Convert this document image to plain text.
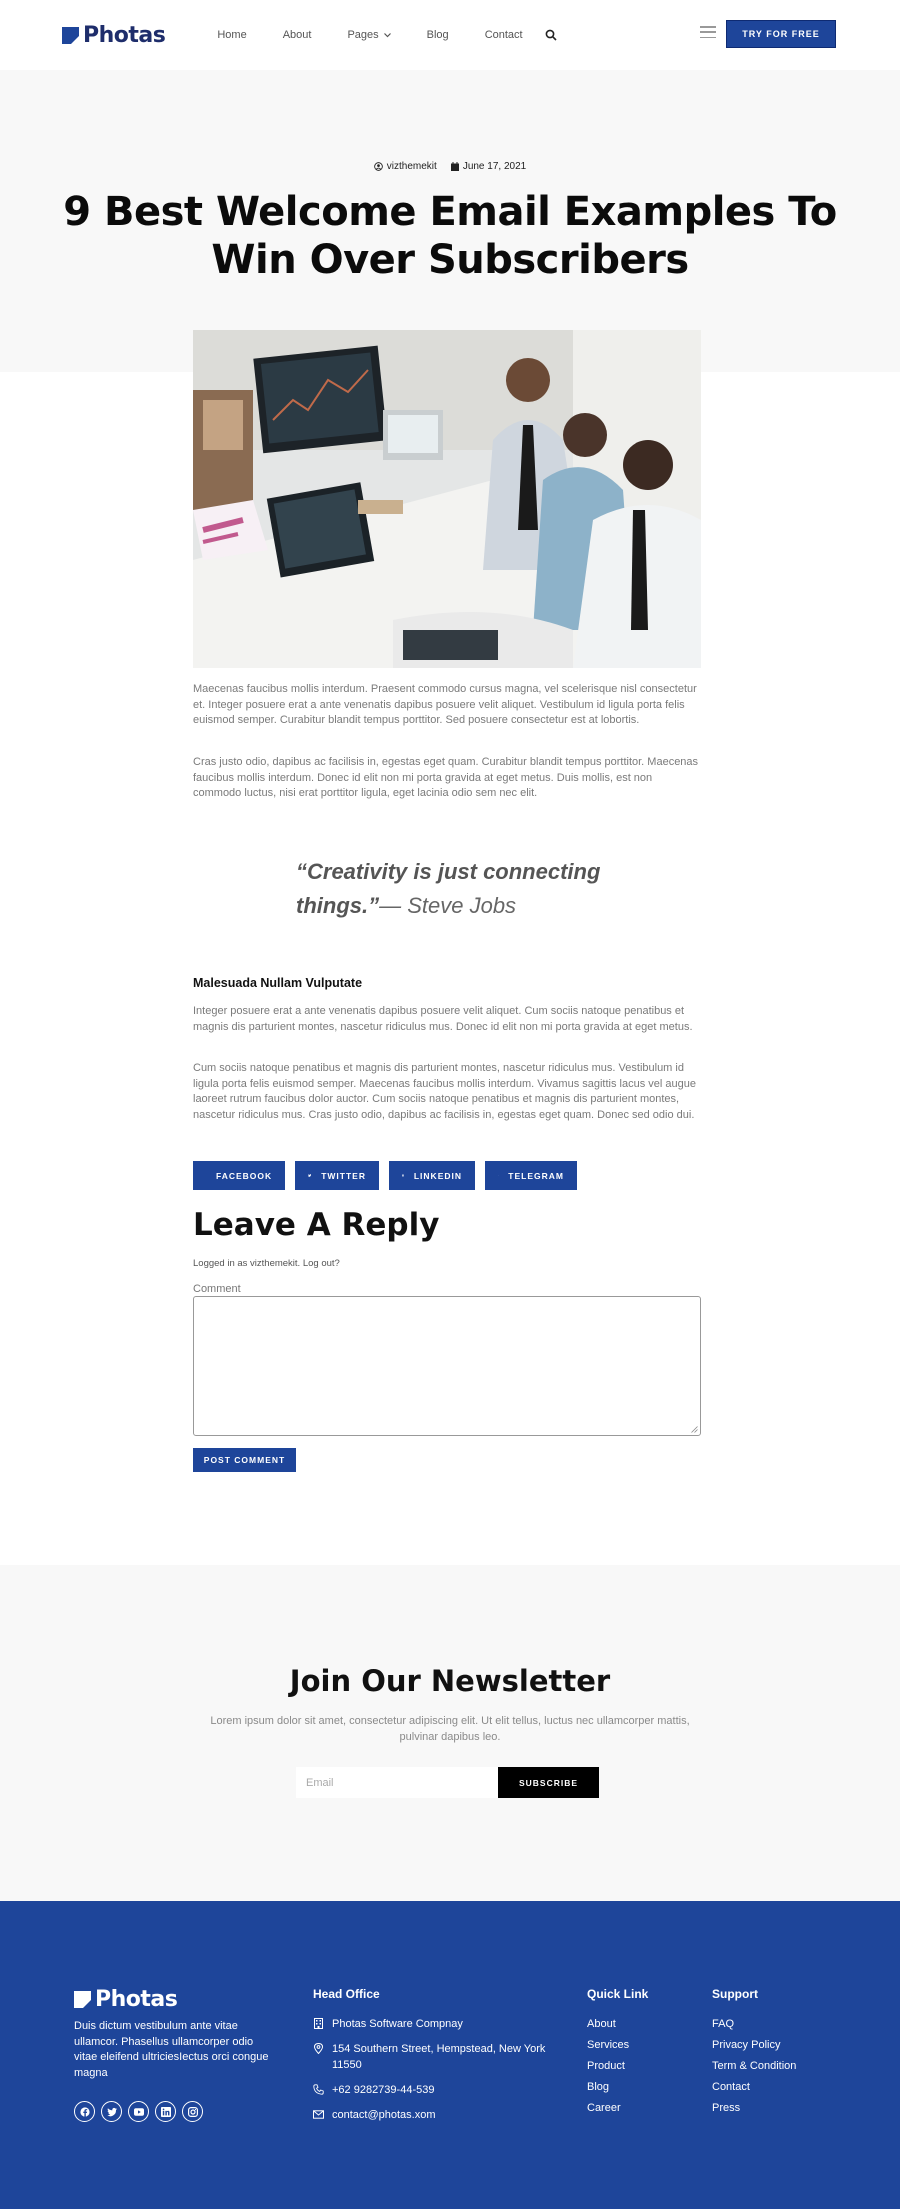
Photas	Home	About	Pages	Blog	Contact	TRY FOR FREE
vizthemekit	June 17, 2021
9 Best Welcome Email Examples To Win Over Subscribers

Maecenas faucibus mollis interdum. Praesent commodo cursus magna, vel scelerisque nisl consectetur et. Integer posuere erat a ante venenatis dapibus posuere velit aliquet. Vestibulum id ligula porta felis euismod semper. Curabitur blandit tempus porttitor. Sed posuere consectetur est at lobortis.

Cras justo odio, dapibus ac facilisis in, egestas eget quam. Curabitur blandit tempus porttitor. Maecenas faucibus mollis interdum. Donec id elit non mi porta gravida at eget metus. Duis mollis, est non commodo luctus, nisi erat porttitor ligula, eget lacinia odio sem nec elit.

“Creativity is just connecting things.”— Steve Jobs
Malesuada Nullam Vulputate

Integer posuere erat a ante venenatis dapibus posuere velit aliquet. Cum sociis natoque penatibus et magnis dis parturient montes, nascetur ridiculus mus. Donec id elit non mi porta gravida at eget metus.

Cum sociis natoque penatibus et magnis dis parturient montes, nascetur ridiculus mus. Vestibulum id ligula porta felis euismod semper. Maecenas faucibus mollis interdum. Vivamus sagittis lacus vel augue laoreet rutrum faucibus dolor auctor. Cum sociis natoque penatibus et magnis dis parturient montes, nascetur ridiculus mus. Cras justo odio, dapibus ac facilisis in, egestas eget quam. Donec sed odio dui.

FACEBOOK	TWITTER	LINKEDIN	TELEGRAM
Leave A Reply
Logged in as vizthemekit. Log out?
Comment
POST COMMENT
Join Our Newsletter

Lorem ipsum dolor sit amet, consectetur adipiscing elit. Ut elit tellus, luctus nec ullamcorper mattis, pulvinar dapibus leo.

Email	SUBSCRIBE
Photas

Duis dictum vestibulum ante vitae ullamcor. Phasellus ullamcorper odio vitae eleifend ultriciesIectus orci congue magna

Head Office
Photas Software Compnay
154 Southern Street, Hempstead, New York 11550
+62 9282739-44-539
contact@photas.xom
Quick Link
About
Services
Product
Blog
Career
Support
FAQ
Privacy Policy
Term & Condition
Contact
Press
